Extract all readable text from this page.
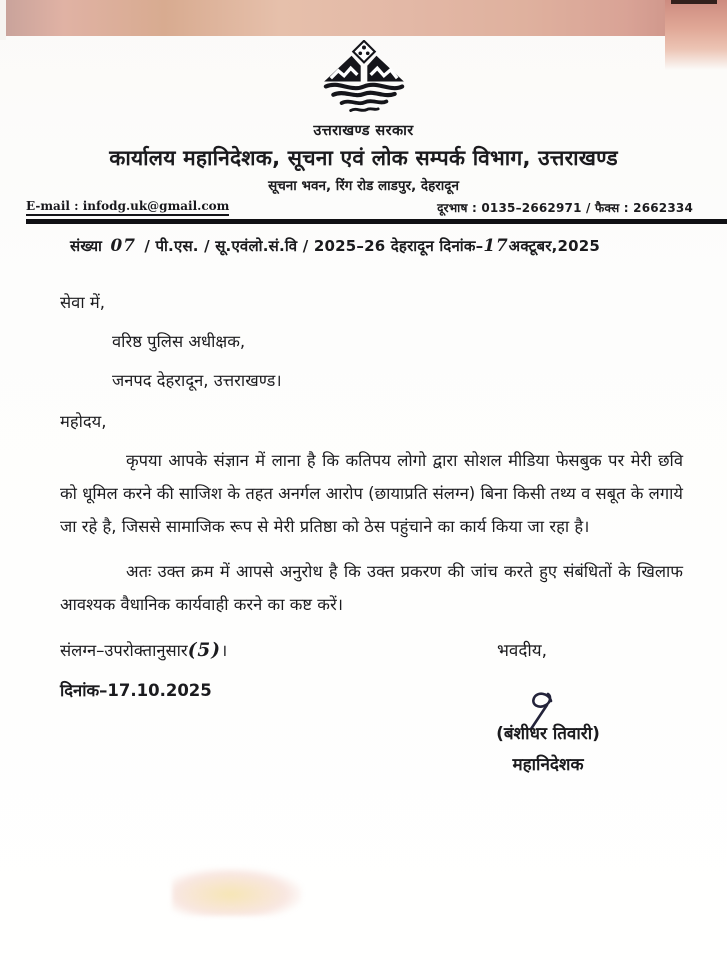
उत्तराखण्ड सरकार
कार्यालय महानिदेशक, सूचना एवं लोक सम्पर्क विभाग, उत्तराखण्ड
सूचना भवन, रिंग रोड लाडपुर, देहरादून
E-mail : infodg.uk@gmail.com	दूरभाष : 0135–2662971 / फैक्स : 2662334
संख्या 07 / पी.एस. / सू.एवंलो.सं.वि / 2025–26 देहरादून दिनांक–17अक्टूबर,2025
सेवा में,
वरिष्ठ पुलिस अधीक्षक,
जनपद देहरादून, उत्तराखण्ड।
महोदय,
कृपया आपके संज्ञान में लाना है कि कतिपय लोगो द्वारा सोशल मीडिया फेसबुक पर मेरी छवि को धूमिल करने की साजिश के तहत अनर्गल आरोप (छायाप्रति संलग्न) बिना किसी तथ्य व सबूत के लगाये जा रहे है, जिससे सामाजिक रूप से मेरी प्रतिष्ठा को ठेस पहुंचाने का कार्य किया जा रहा है।
अतः उक्त क्रम में आपसे अनुरोध है कि उक्त प्रकरण की जांच करते हुए संबंधितों के खिलाफ आवश्यक वैधानिक कार्यवाही करने का कष्ट करें।
संलग्न–उपरोक्तानुसार(5)।
दिनांक–17.10.2025
भवदीय,
(बंशीधर तिवारी)
महानिदेशक
